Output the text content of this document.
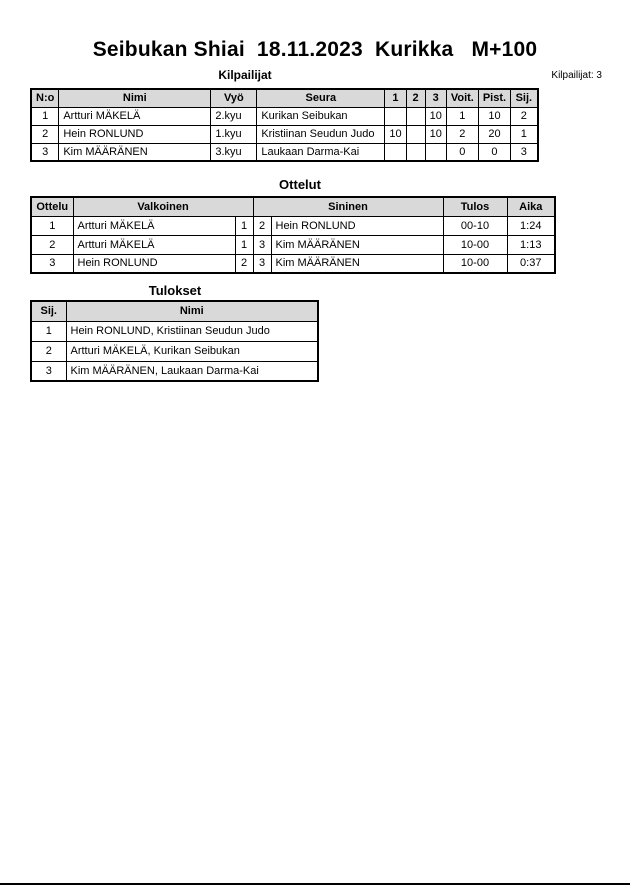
Seibukan Shiai  18.11.2023  Kurikka   M+100
Kilpailijat	Kilpailijat: 3
N:o	Nimi	Vyö	Seura	1	2	3	Voit.	Pist.	Sij.
1	Artturi MÄKELÄ	2.kyu	Kurikan Seibukan			10	1	10	2
2	Hein RONLUND	1.kyu	Kristiinan Seudun Judo	10		10	2	20	1
3	Kim MÄÄRÄNEN	3.kyu	Laukaan Darma-Kai				0	0	3
Ottelut
Ottelu	Valkoinen		Sininen		Tulos	Aika
1	Artturi MÄKELÄ	1	2	Hein RONLUND	00-10	1:24
2	Artturi MÄKELÄ	1	3	Kim MÄÄRÄNEN	10-00	1:13
3	Hein RONLUND	2	3	Kim MÄÄRÄNEN	10-00	0:37
Tulokset
Sij.	Nimi
1	Hein RONLUND, Kristiinan Seudun Judo
2	Artturi MÄKELÄ, Kurikan Seibukan
3	Kim MÄÄRÄNEN, Laukaan Darma-Kai
